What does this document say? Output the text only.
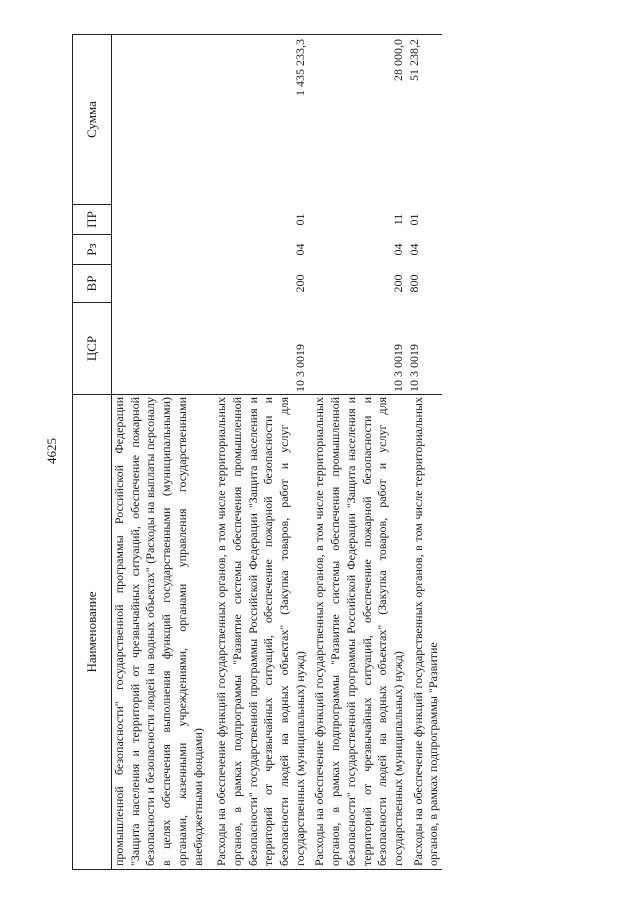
4625
Наименование	ЦСР	ВР	Рз	ПР	Сумма
промышленной безопасности" государственной программы Российской Федерации "Защита населения и территорий от чрезвычайных ситуаций, обеспечение пожарной безопасности и безопасности людей на водных объектах" (Расходы на выплаты персоналу в целях обеспечения выполнения функций государственными (муниципальными) органами, казенными учреждениями, органами управления государственными внебюджетными фондами)					
Расходы на обеспечение функций государственных органов, в том числе территориальных органов, в рамках подпрограммы "Развитие системы обеспечения промышленной безопасности" государственной программы Российской Федерации "Защита населения и территорий от чрезвычайных ситуаций, обеспечение пожарной безопасности и безопасности людей на водных объектах" (Закупка товаров, работ и услуг для государственных (муниципальных) нужд)	10 3 0019	200	04	01	1 435 233,3
Расходы на обеспечение функций государственных органов, в том числе территориальных органов, в рамках подпрограммы "Развитие системы обеспечения промышленной безопасности" государственной программы Российской Федерации "Защита населения и территорий от чрезвычайных ситуаций, обеспечение пожарной безопасности и безопасности людей на водных объектах" (Закупка товаров, работ и услуг для государственных (муниципальных) нужд)	10 3 0019	200	04	11	28 000,0
Расходы на обеспечение функций государственных органов, в том числе территориальных органов, в рамках подпрограммы "Развитие	10 3 0019	800	04	01	51 238,2
